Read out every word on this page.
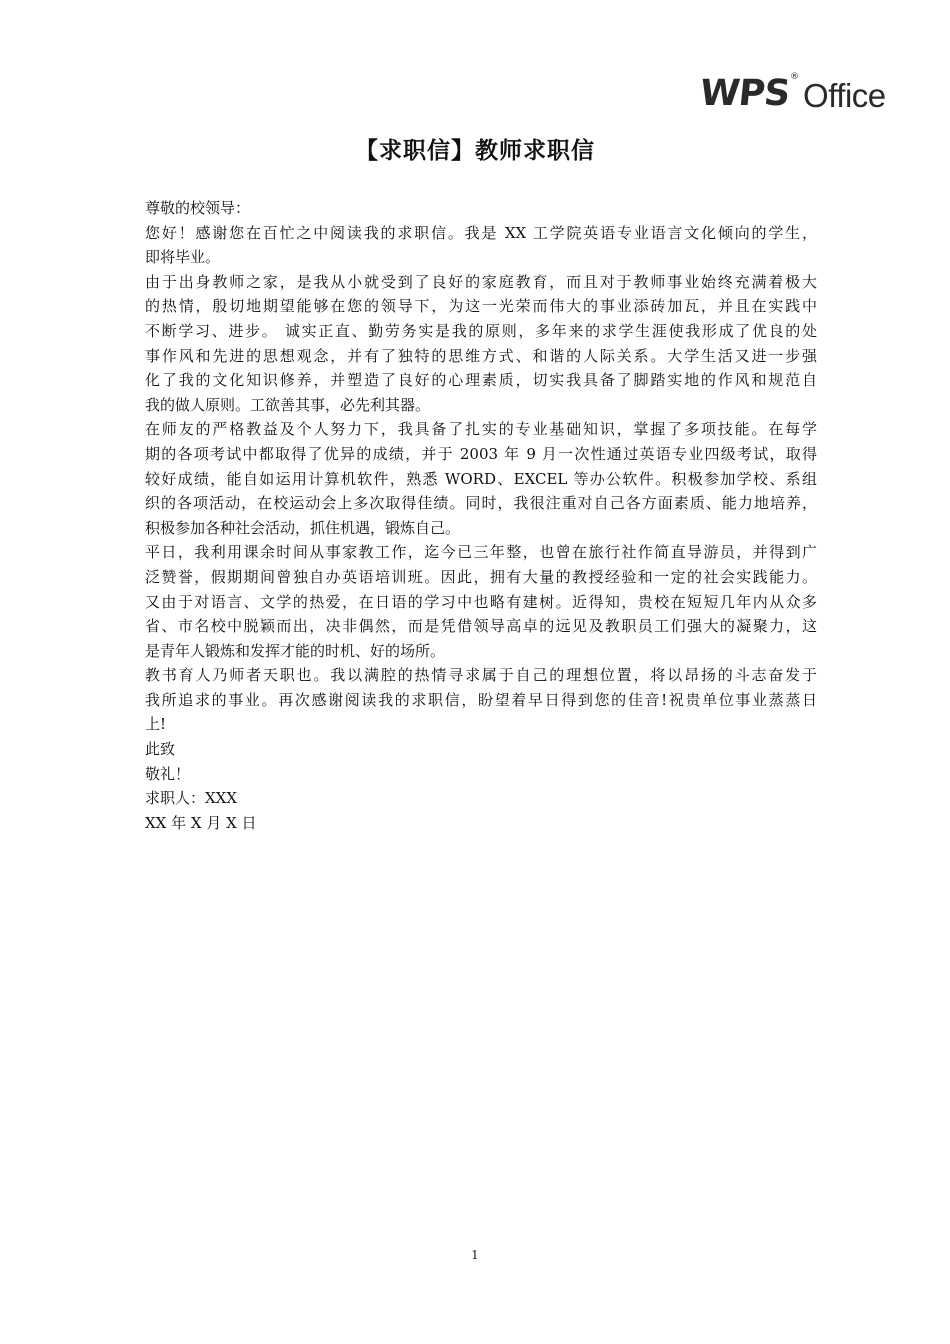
WPS
® Office
【求职信】教师求职信
尊敬的校领导：
您好！感谢您在百忙之中阅读我的求职信。我是 XX 工学院英语专业语言文化倾向的学生，
即将毕业。
由于出身教师之家，是我从小就受到了良好的家庭教育，而且对于教师事业始终充满着极大
的热情，殷切地期望能够在您的领导下，为这一光荣而伟大的事业添砖加瓦，并且在实践中
不断学习、进步。 诚实正直、勤劳务实是我的原则，多年来的求学生涯使我形成了优良的处
事作风和先进的思想观念，并有了独特的思维方式、和谐的人际关系。大学生活又进一步强
化了我的文化知识修养，并塑造了良好的心理素质，切实我具备了脚踏实地的作风和规范自
我的做人原则。工欲善其事，必先利其器。
在师友的严格教益及个人努力下，我具备了扎实的专业基础知识，掌握了多项技能。在每学
期的各项考试中都取得了优异的成绩，并于 2003 年 9 月一次性通过英语专业四级考试，取得
较好成绩，能自如运用计算机软件，熟悉 WORD、EXCEL 等办公软件。积极参加学校、系组
织的各项活动，在校运动会上多次取得佳绩。同时，我很注重对自己各方面素质、能力地培养，
积极参加各种社会活动，抓住机遇，锻炼自己。
平日，我利用课余时间从事家教工作，迄今已三年整，也曾在旅行社作简直导游员，并得到广
泛赞誉，假期期间曾独自办英语培训班。因此，拥有大量的教授经验和一定的社会实践能力。
又由于对语言、文学的热爱，在日语的学习中也略有建树。近得知，贵校在短短几年内从众多
省、市名校中脱颖而出，决非偶然，而是凭借领导高卓的远见及教职员工们强大的凝聚力，这
是青年人锻炼和发挥才能的时机、好的场所。
教书育人乃师者天职也。我以满腔的热情寻求属于自己的理想位置，将以昂扬的斗志奋发于
我所追求的事业。再次感谢阅读我的求职信，盼望着早日得到您的佳音!祝贵单位事业蒸蒸日
上!
此致
敬礼！
求职人：XXX
XX 年 X 月 X 日
1
